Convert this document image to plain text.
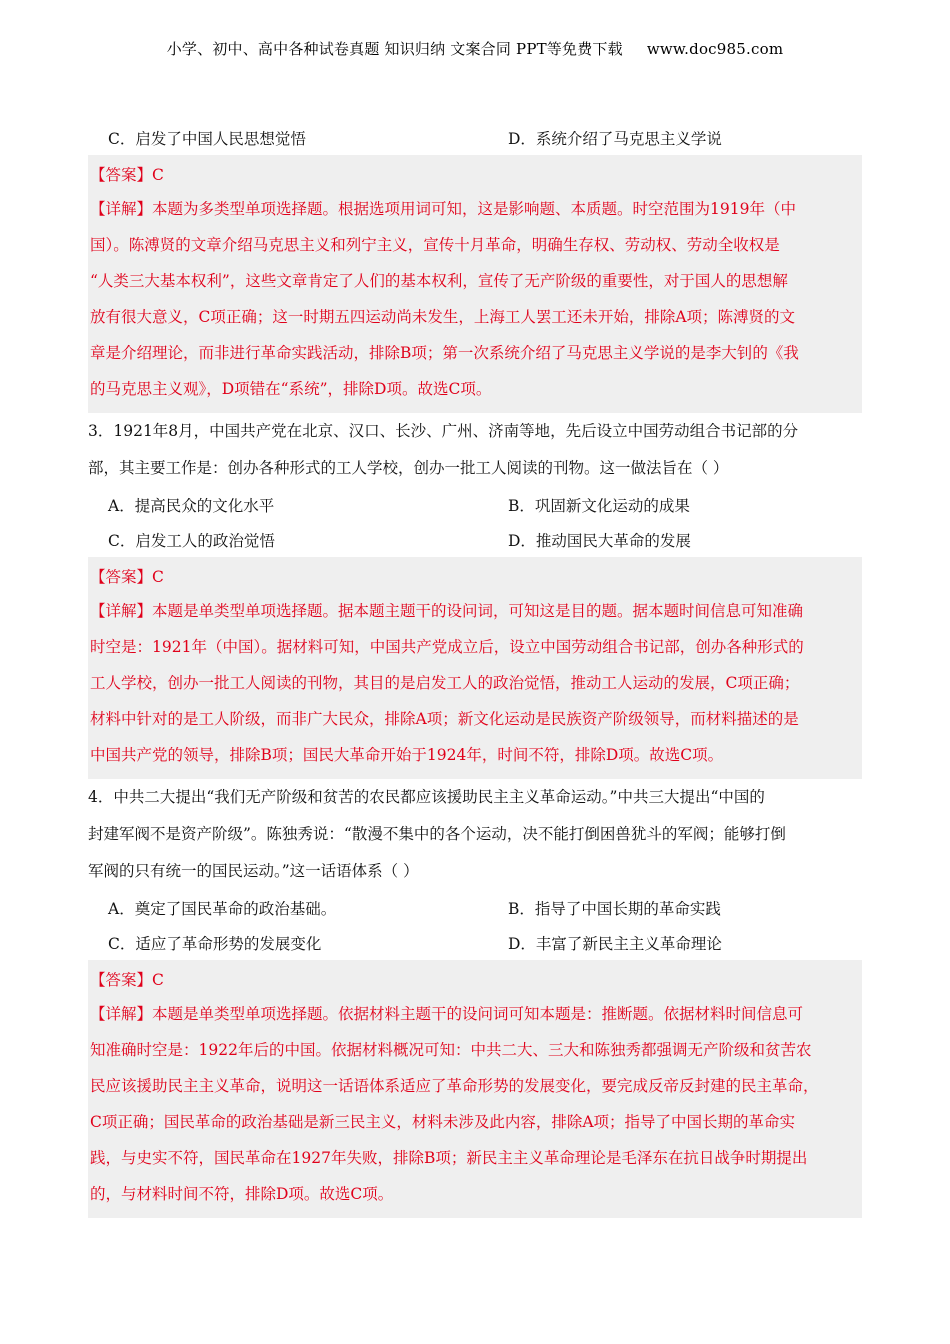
小学、初中、高中各种试卷真题 知识归纳 文案合同 PPT等免费下载 www.doc985.com
C．启发了中国人民思想觉悟	D．系统介绍了马克思主义学说
【答案】C
【详解】本题为多类型单项选择题。根据选项用词可知，这是影响题、本质题。时空范围为1919年（中
国）。陈溥贤的文章介绍马克思主义和列宁主义，宣传十月革命，明确生存权、劳动权、劳动全收权是
“人类三大基本权利”，这些文章肯定了人们的基本权利，宣传了无产阶级的重要性，对于国人的思想解
放有很大意义，C项正确；这一时期五四运动尚未发生，上海工人罢工还未开始，排除A项；陈溥贤的文
章是介绍理论，而非进行革命实践活动，排除B项；第一次系统介绍了马克思主义学说的是李大钊的《我
的马克思主义观》，D项错在“系统”，排除D项。故选C项。
3．1921年8月，中国共产党在北京、汉口、长沙、广州、济南等地，先后设立中国劳动组合书记部的分
部，其主要工作是：创办各种形式的工人学校，创办一批工人阅读的刊物。这一做法旨在（ ）
A．提高民众的文化水平	B．巩固新文化运动的成果
C．启发工人的政治觉悟	D．推动国民大革命的发展
【答案】C
【详解】本题是单类型单项选择题。据本题主题干的设问词，可知这是目的题。据本题时间信息可知准确
时空是：1921年（中国）。据材料可知，中国共产党成立后，设立中国劳动组合书记部，创办各种形式的
工人学校，创办一批工人阅读的刊物，其目的是启发工人的政治觉悟，推动工人运动的发展，C项正确；
材料中针对的是工人阶级，而非广大民众，排除A项；新文化运动是民族资产阶级领导，而材料描述的是
中国共产党的领导，排除B项；国民大革命开始于1924年，时间不符，排除D项。故选C项。
4．中共二大提出“我们无产阶级和贫苦的农民都应该援助民主主义革命运动。”中共三大提出“中国的
封建军阀不是资产阶级”。陈独秀说：“散漫不集中的各个运动，决不能打倒困兽犹斗的军阀；能够打倒
军阀的只有统一的国民运动。”这一话语体系（ ）
A．奠定了国民革命的政治基础。	B．指导了中国长期的革命实践
C．适应了革命形势的发展变化	D．丰富了新民主主义革命理论
【答案】C
【详解】本题是单类型单项选择题。依据材料主题干的设问词可知本题是：推断题。依据材料时间信息可
知准确时空是：1922年后的中国。依据材料概况可知：中共二大、三大和陈独秀都强调无产阶级和贫苦农
民应该援助民主主义革命，说明这一话语体系适应了革命形势的发展变化，要完成反帝反封建的民主革命，
C项正确；国民革命的政治基础是新三民主义，材料未涉及此内容，排除A项；指导了中国长期的革命实
践，与史实不符，国民革命在1927年失败，排除B项；新民主主义革命理论是毛泽东在抗日战争时期提出
的，与材料时间不符，排除D项。故选C项。
